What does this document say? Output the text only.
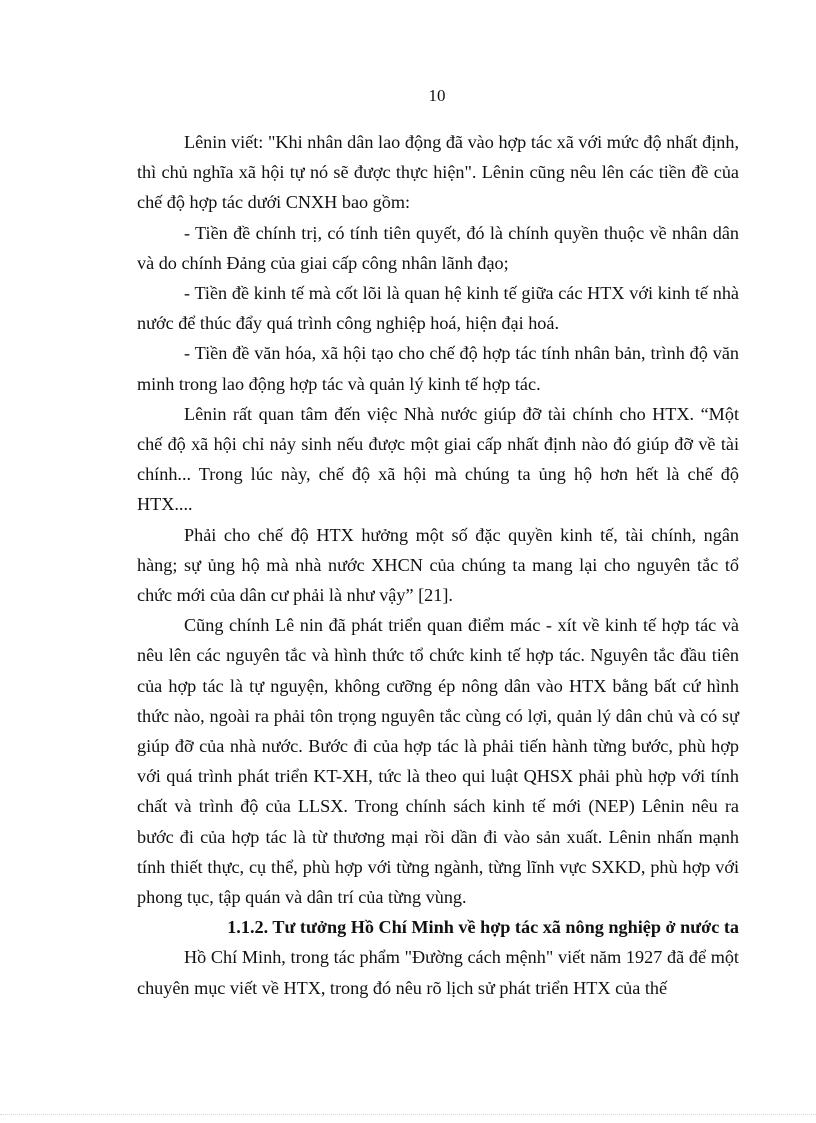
10

Lênin viết: "Khi nhân dân lao động đã vào hợp tác xã với mức độ nhất định, thì chủ nghĩa xã hội tự nó sẽ được thực hiện". Lênin cũng nêu lên các tiền đề của chế độ hợp tác dưới CNXH bao gồm:

- Tiền đề chính trị, có tính tiên quyết, đó là chính quyền thuộc về nhân dân và do chính Đảng của giai cấp công nhân lãnh đạo;

- Tiền đề kinh tế mà cốt lõi là quan hệ kinh tế giữa các HTX với kinh tế nhà nước để thúc đẩy quá trình công nghiệp hoá, hiện đại hoá.

- Tiền đề văn hóa, xã hội tạo cho chế độ hợp tác tính nhân bản, trình độ văn minh trong lao động hợp tác và quản lý kinh tế hợp tác.

Lênin rất quan tâm đến việc Nhà nước giúp đỡ tài chính cho HTX. “Một chế độ xã hội chỉ nảy sinh nếu được một giai cấp nhất định nào đó giúp đỡ về tài chính... Trong lúc này, chế độ xã hội mà chúng ta ủng hộ hơn hết là chế độ HTX....

Phải cho chế độ HTX hưởng một số đặc quyền kinh tế, tài chính, ngân hàng; sự ủng hộ mà nhà nước XHCN của chúng ta mang lại cho nguyên tắc tổ chức mới của dân cư phải là như vậy” [21].

Cũng chính Lê nin đã phát triển quan điểm mác - xít về kinh tế hợp tác và nêu lên các nguyên tắc và hình thức tổ chức kinh tế hợp tác. Nguyên tắc đầu tiên của hợp tác là tự nguyện, không cưỡng ép nông dân vào HTX bằng bất cứ hình thức nào, ngoài ra phải tôn trọng nguyên tắc cùng có lợi, quản lý dân chủ và có sự giúp đỡ của nhà nước. Bước đi của hợp tác là phải tiến hành từng bước, phù hợp với quá trình phát triển KT-XH, tức là theo qui luật QHSX phải phù hợp với tính chất và trình độ của LLSX. Trong chính sách kinh tế mới (NEP) Lênin nêu ra bước đi của hợp tác là từ thương mại rồi dần đi vào sản xuất. Lênin nhấn mạnh tính thiết thực, cụ thể, phù hợp với từng ngành, từng lĩnh vực SXKD, phù hợp với phong tục, tập quán và dân trí của từng vùng.

1.1.2. Tư tưởng Hồ Chí Minh về hợp tác xã nông nghiệp ở nước ta

Hồ Chí Minh, trong tác phẩm "Đường cách mệnh" viết năm 1927 đã để một chuyên mục viết về HTX, trong đó nêu rõ lịch sử phát triển HTX của thế
